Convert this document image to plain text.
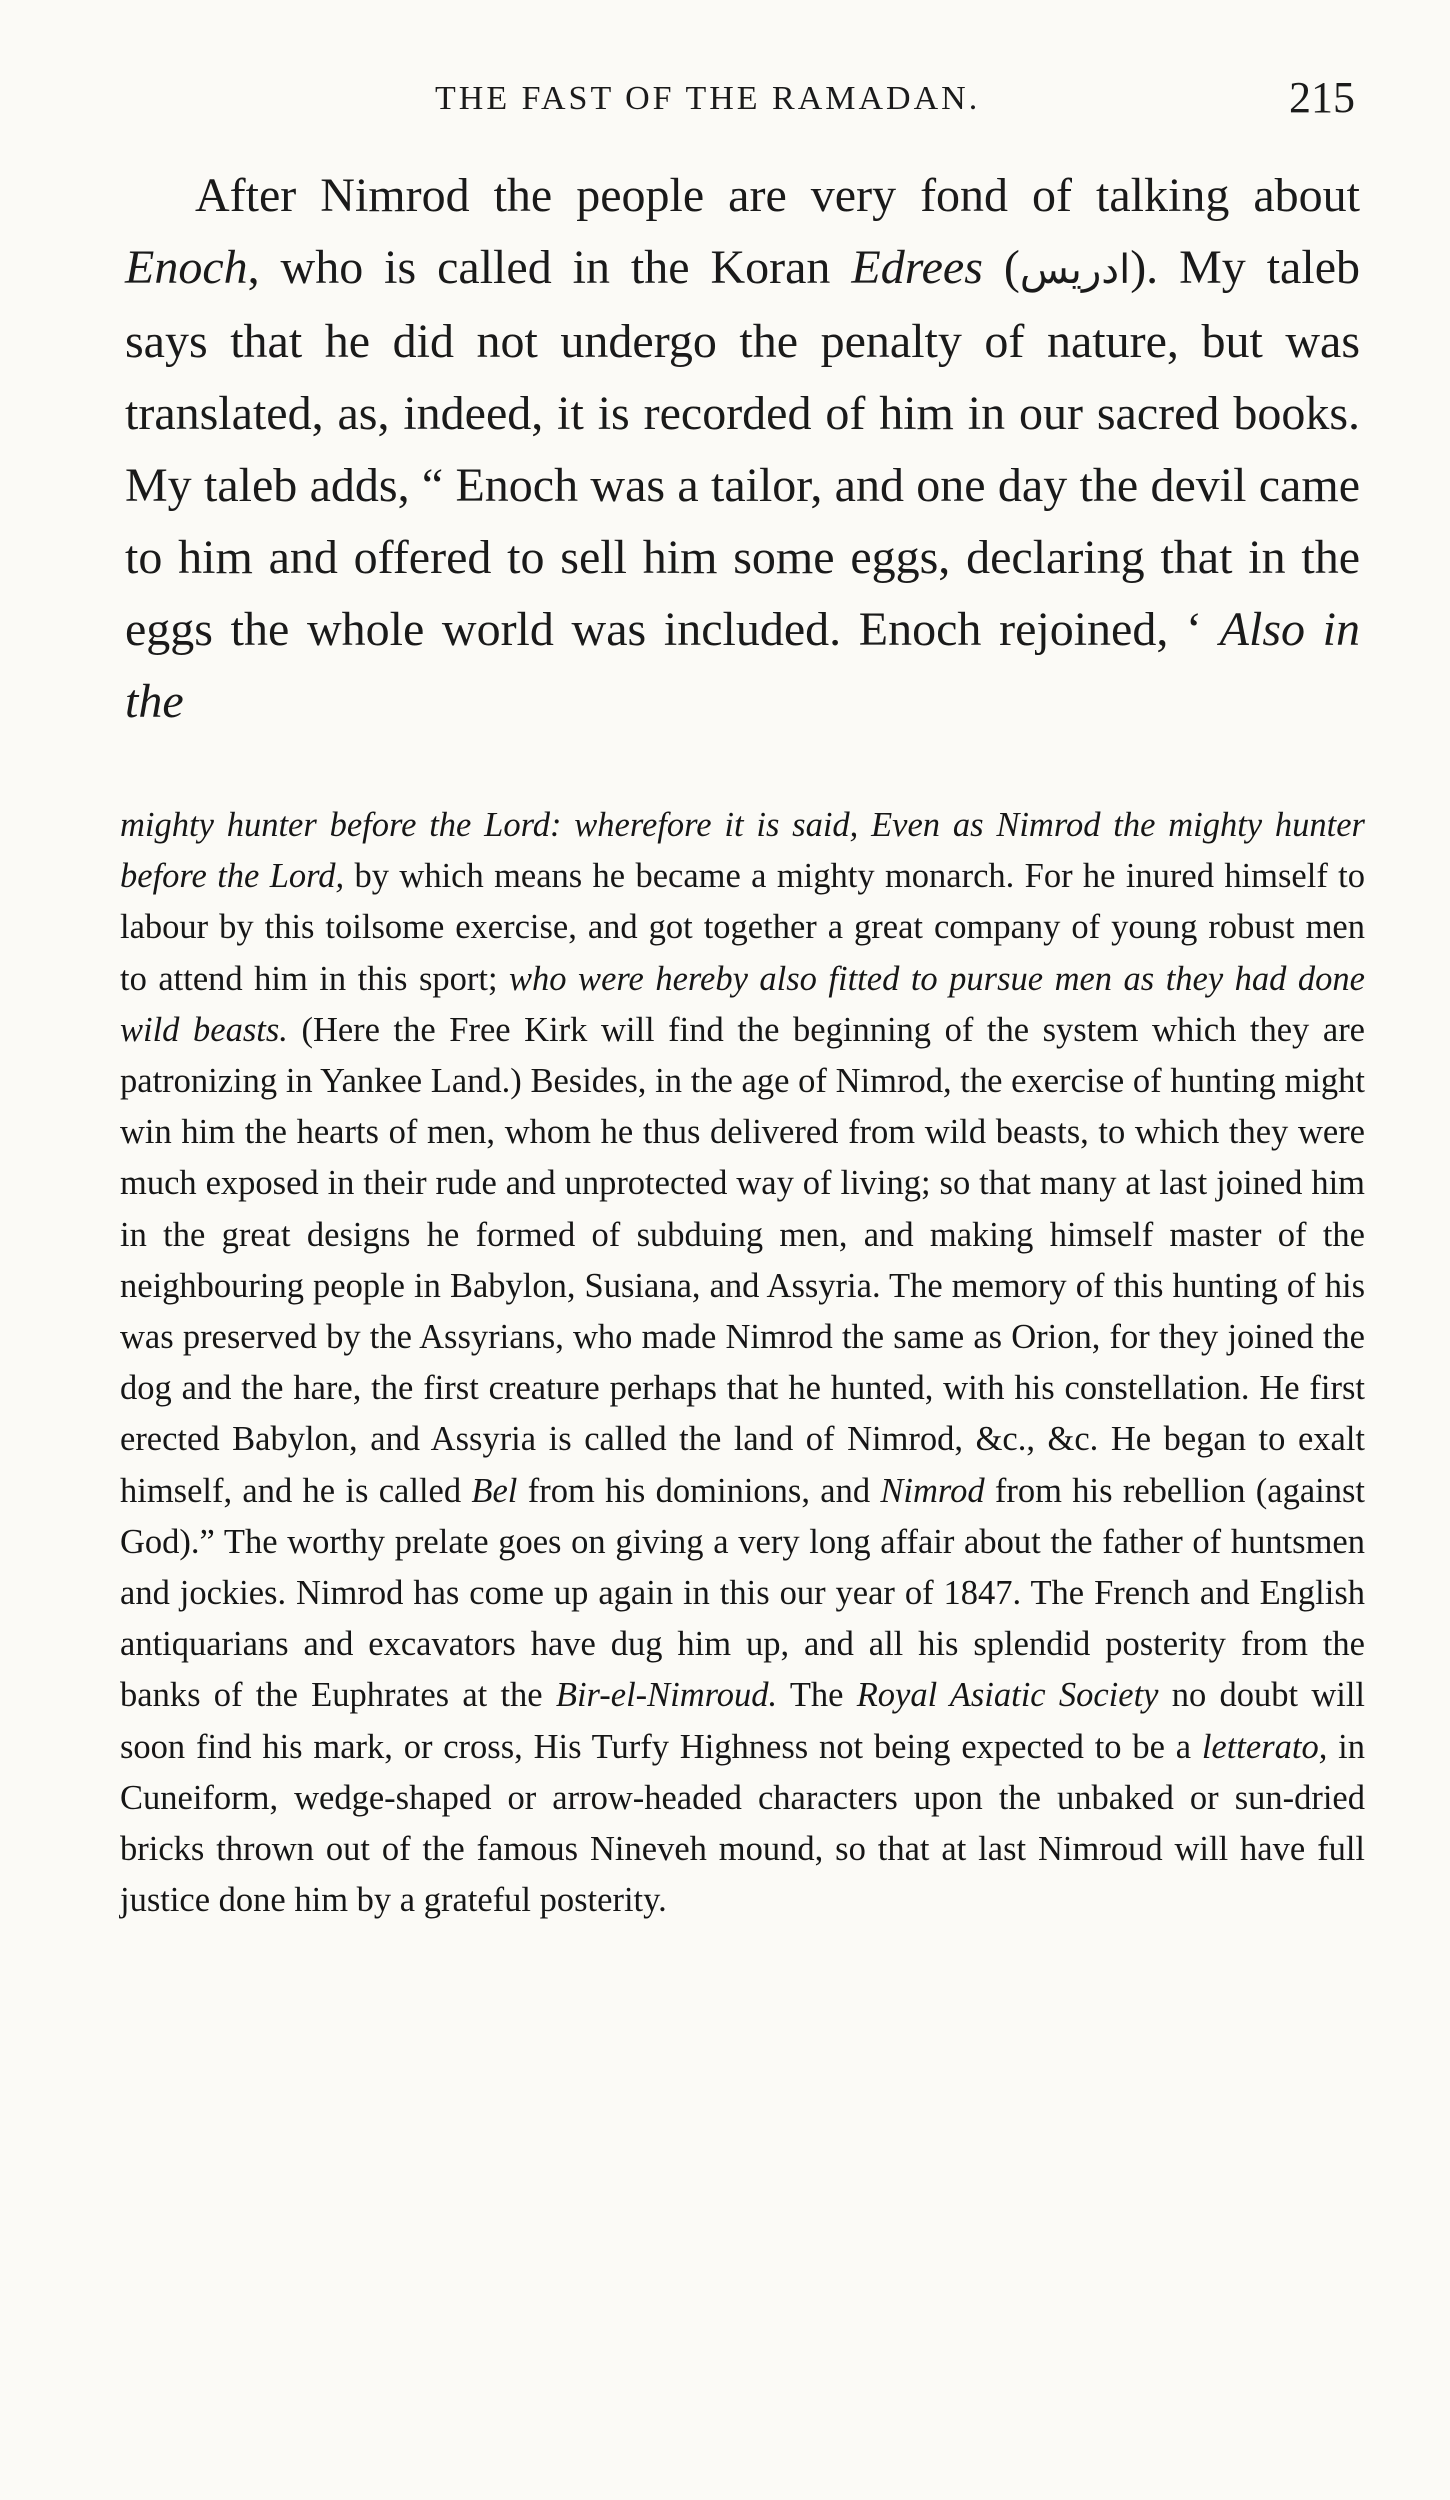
THE FAST OF THE RAMADAN.	215

After Nimrod the people are very fond of talking about Enoch, who is called in the Koran Edrees (ادريس). My taleb says that he did not undergo the penalty of nature, but was translated, as, indeed, it is recorded of him in our sacred books. My taleb adds, “ Enoch was a tailor, and one day the devil came to him and offered to sell him some eggs, declaring that in the eggs the whole world was included. Enoch rejoined, ‘ Also in the

mighty hunter before the Lord: wherefore it is said, Even as Nimrod the mighty hunter before the Lord, by which means he became a mighty monarch. For he inured himself to labour by this toilsome exercise, and got together a great company of young robust men to attend him in this sport; who were hereby also fitted to pursue men as they had done wild beasts. (Here the Free Kirk will find the beginning of the system which they are patronizing in Yankee Land.) Besides, in the age of Nimrod, the exercise of hunting might win him the hearts of men, whom he thus delivered from wild beasts, to which they were much exposed in their rude and unprotected way of living; so that many at last joined him in the great designs he formed of subduing men, and making himself master of the neighbouring people in Babylon, Susiana, and Assyria. The memory of this hunting of his was preserved by the Assyrians, who made Nimrod the same as Orion, for they joined the dog and the hare, the first creature perhaps that he hunted, with his constellation. He first erected Babylon, and Assyria is called the land of Nimrod, &c., &c. He began to exalt himself, and he is called Bel from his dominions, and Nimrod from his rebellion (against God).” The worthy prelate goes on giving a very long affair about the father of huntsmen and jockies. Nimrod has come up again in this our year of 1847. The French and English antiquarians and excavators have dug him up, and all his splendid posterity from the banks of the Euphrates at the Bir-el-Nimroud. The Royal Asiatic Society no doubt will soon find his mark, or cross, His Turfy Highness not being expected to be a letterato, in Cuneiform, wedge-shaped or arrow-headed characters upon the unbaked or sun-dried bricks thrown out of the famous Nineveh mound, so that at last Nimroud will have full justice done him by a grateful posterity.
